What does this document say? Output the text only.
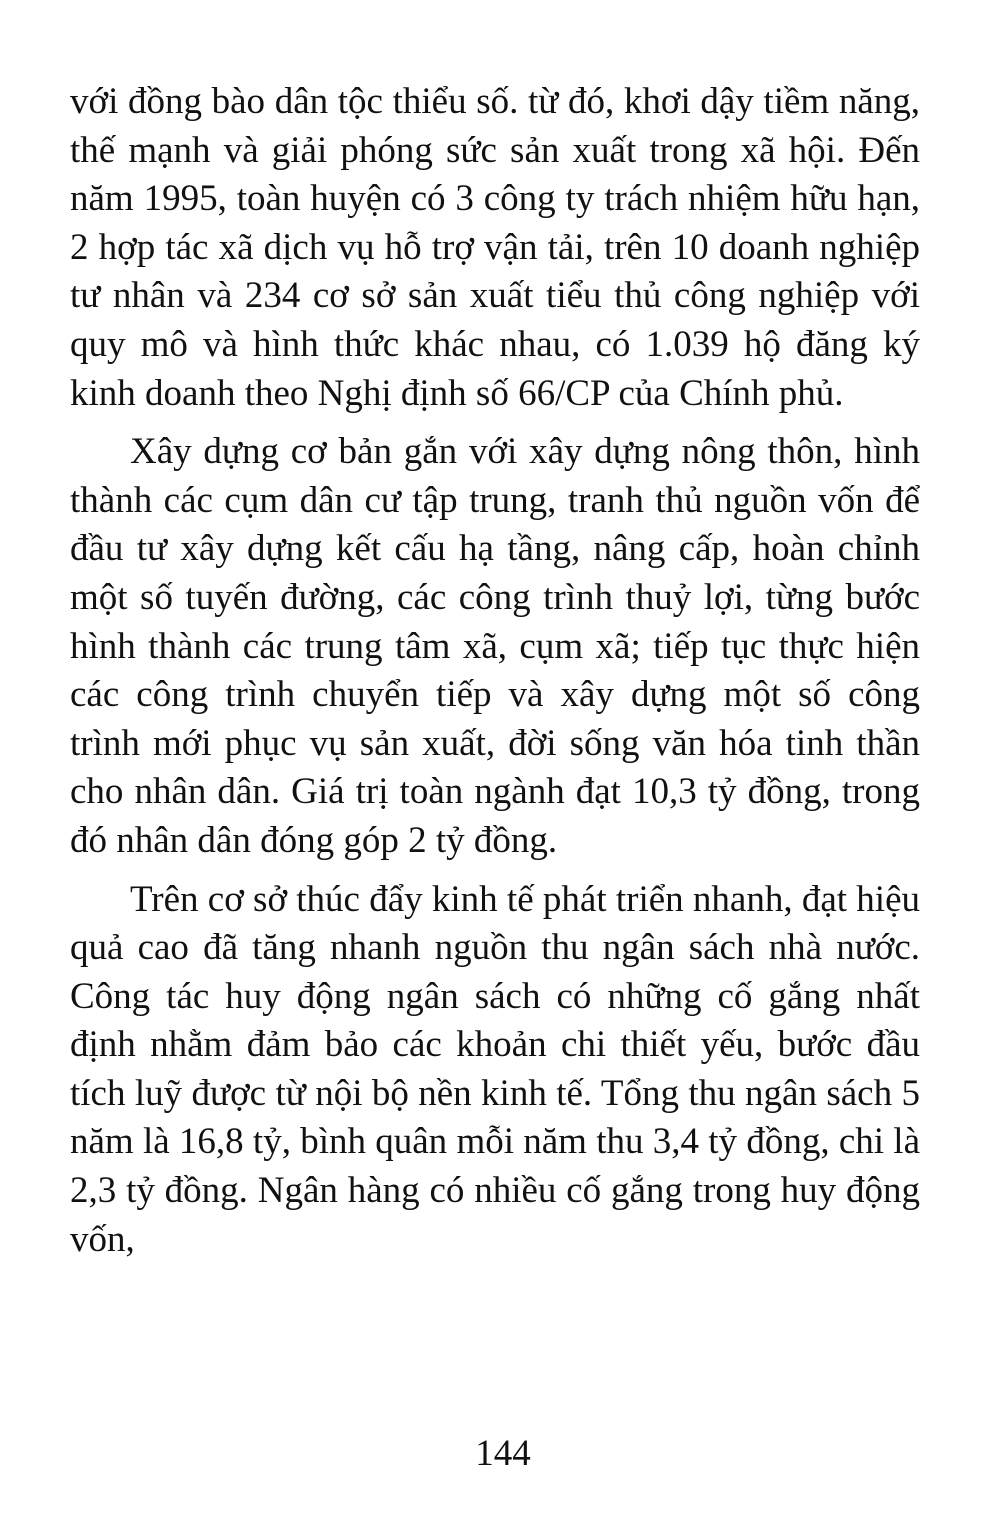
với đồng bào dân tộc thiểu số. từ đó, khơi dậy tiềm năng, thế mạnh và giải phóng sức sản xuất trong xã hội. Đến năm 1995, toàn huyện có 3 công ty trách nhiệm hữu hạn, 2 hợp tác xã dịch vụ hỗ trợ vận tải, trên 10 doanh nghiệp tư nhân và 234 cơ sở sản xuất tiểu thủ công nghiệp với quy mô và hình thức khác nhau, có 1.039 hộ đăng ký kinh doanh theo Nghị định số 66/CP của Chính phủ.

Xây dựng cơ bản gắn với xây dựng nông thôn, hình thành các cụm dân cư tập trung, tranh thủ nguồn vốn để đầu tư xây dựng kết cấu hạ tầng, nâng cấp, hoàn chỉnh một số tuyến đường, các công trình thuỷ lợi, từng bước hình thành các trung tâm xã, cụm xã; tiếp tục thực hiện các công trình chuyển tiếp và xây dựng một số công trình mới phục vụ sản xuất, đời sống văn hóa tinh thần cho nhân dân. Giá trị toàn ngành đạt 10,3 tỷ đồng, trong đó nhân dân đóng góp 2 tỷ đồng.

Trên cơ sở thúc đẩy kinh tế phát triển nhanh, đạt hiệu quả cao đã tăng nhanh nguồn thu ngân sách nhà nước. Công tác huy động ngân sách có những cố gắng nhất định nhằm đảm bảo các khoản chi thiết yếu, bước đầu tích luỹ được từ nội bộ nền kinh tế. Tổng thu ngân sách 5 năm là 16,8 tỷ, bình quân mỗi năm thu 3,4 tỷ đồng, chi là 2,3 tỷ đồng. Ngân hàng có nhiều cố gắng trong huy động vốn,

144
